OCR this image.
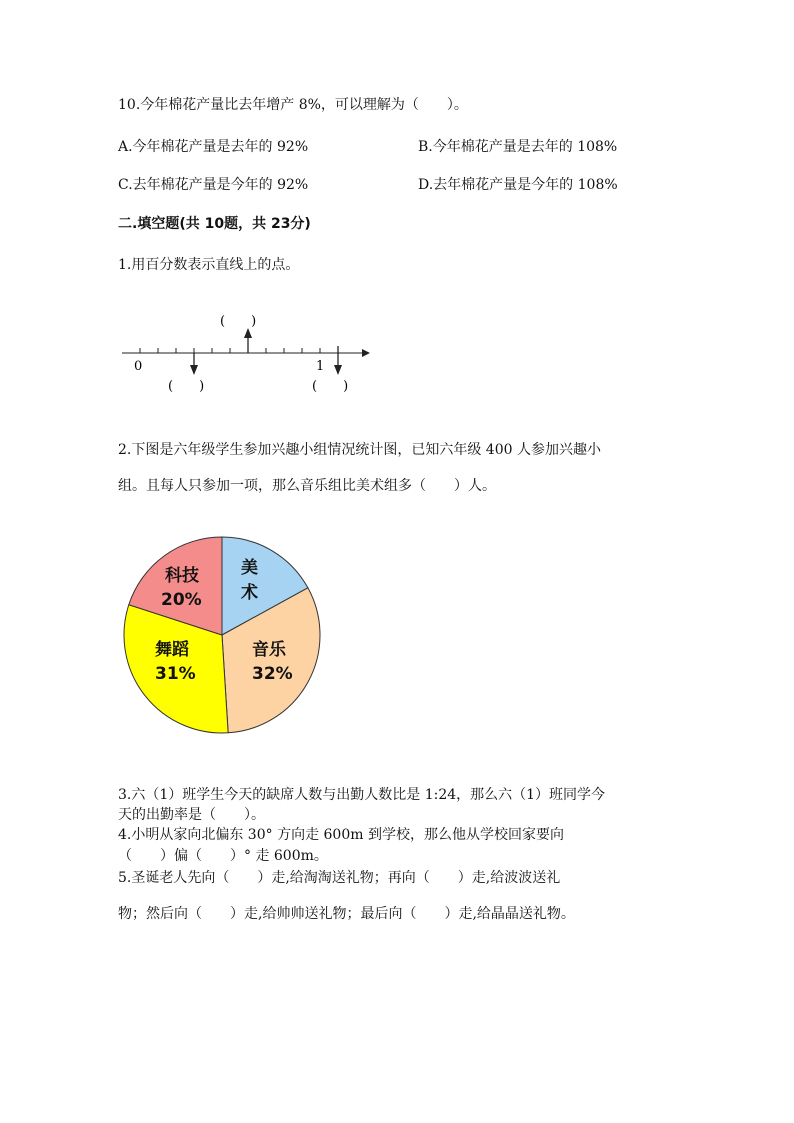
10.今年棉花产量比去年增产 8%，可以理解为（　　）。
A.今年棉花产量是去年的 92%	B.今年棉花产量是去年的 108%
C.去年棉花产量是今年的 92%	D.去年棉花产量是今年的 108%
二.填空题(共 10题，共 23分)
1.用百分数表示直线上的点。
0	1
(　　)
(　　)	(　　)
2.下图是六年级学生参加兴趣小组情况统计图，已知六年级 400 人参加兴趣小
组。且每人只参加一项，那么音乐组比美术组多（　　）人。
美
术
音乐
32%
舞蹈
31%
科技
20%
3.六（1）班学生今天的缺席人数与出勤人数比是 1:24，那么六（1）班同学今
天的出勤率是（　　）。
4.小明从家向北偏东 30° 方向走 600m 到学校，那么他从学校回家要向
（　　）偏（　　）° 走 600m。
5.圣诞老人先向（　　）走,给淘淘送礼物；再向（　　）走,给波波送礼
物；然后向（　　）走,给帅帅送礼物；最后向（　　）走,给晶晶送礼物。
